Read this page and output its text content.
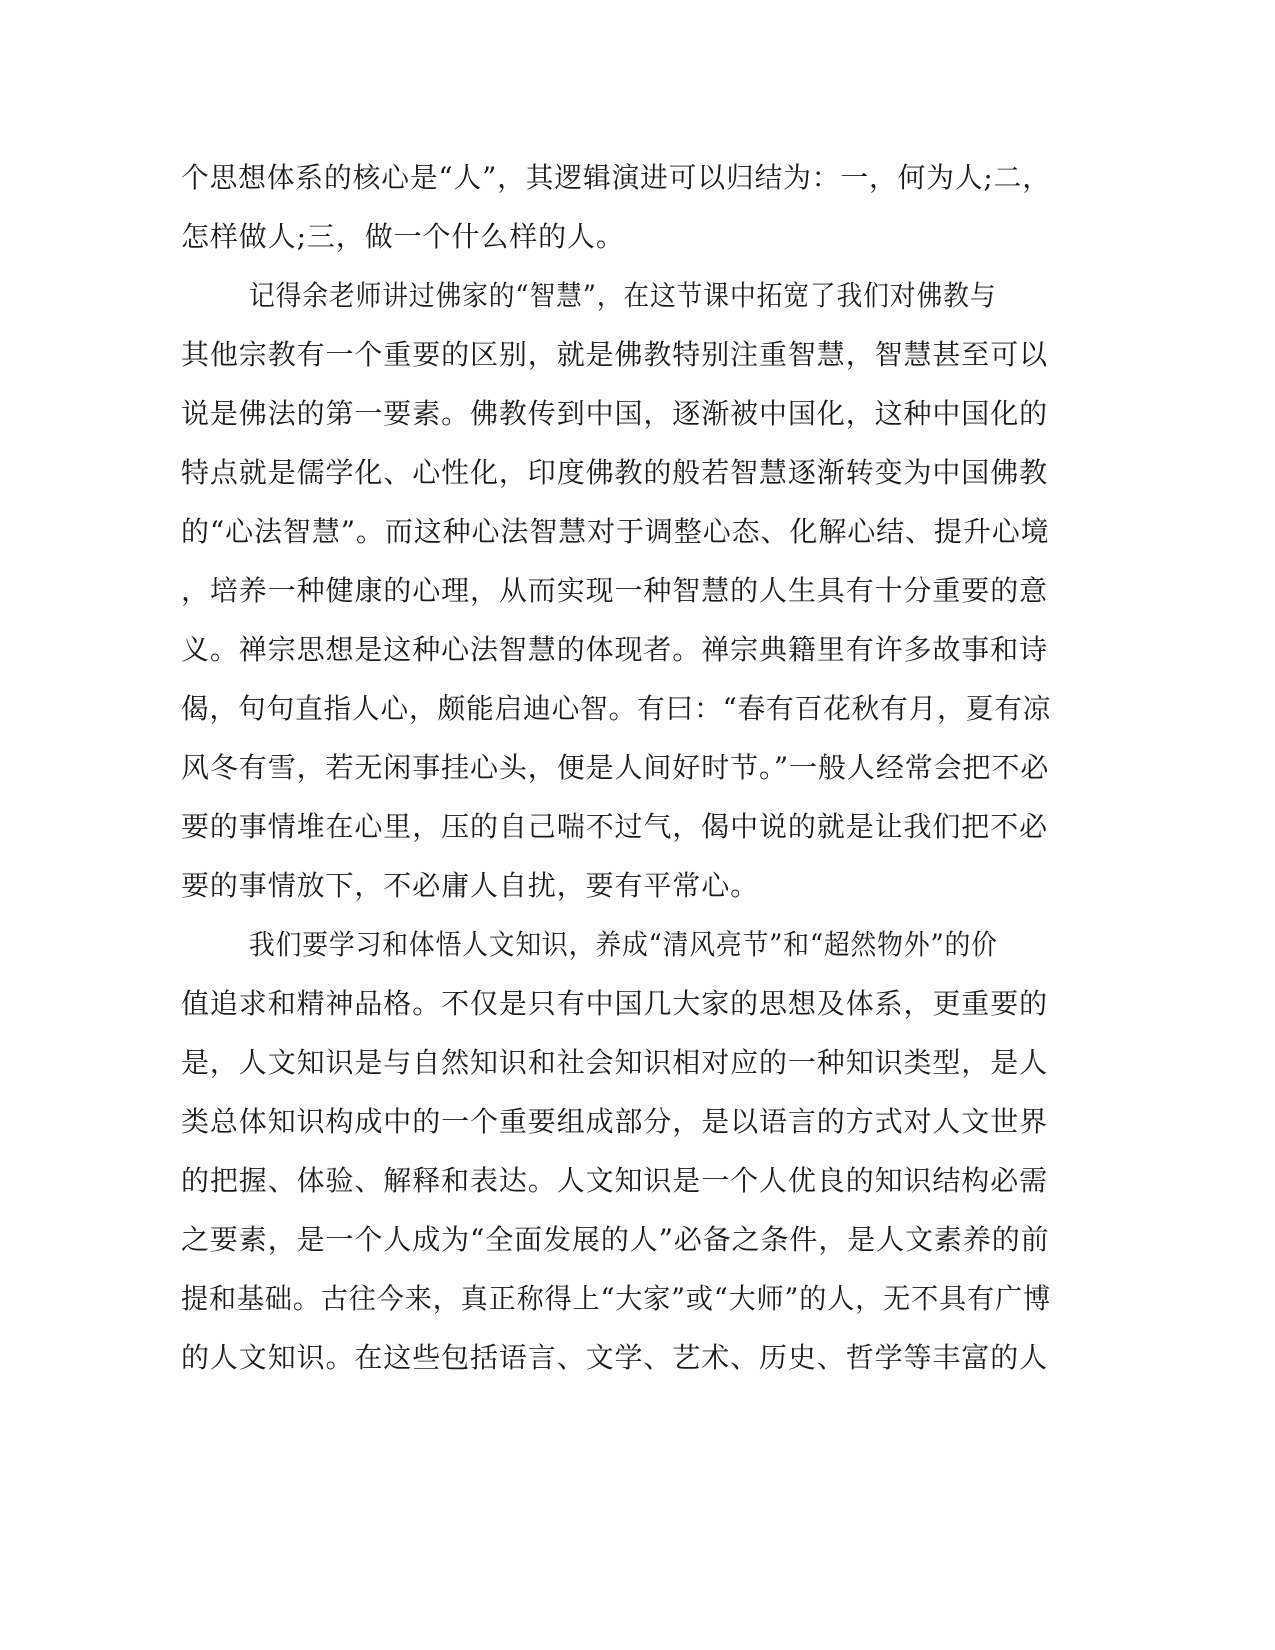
个思想体系的核心是“人”，其逻辑演进可以归结为：一，何为人;二，
怎样做人;三，做一个什么样的人。
记得余老师讲过佛家的“智慧”，在这节课中拓宽了我们对佛教与
其他宗教有一个重要的区别，就是佛教特别注重智慧，智慧甚至可以
说是佛法的第一要素。佛教传到中国，逐渐被中国化，这种中国化的
特点就是儒学化、心性化，印度佛教的般若智慧逐渐转变为中国佛教
的“心法智慧”。而这种心法智慧对于调整心态、化解心结、提升心境
，培养一种健康的心理，从而实现一种智慧的人生具有十分重要的意
义。禅宗思想是这种心法智慧的体现者。禅宗典籍里有许多故事和诗
偈，句句直指人心，颇能启迪心智。有曰：“春有百花秋有月，夏有凉
风冬有雪，若无闲事挂心头，便是人间好时节。”一般人经常会把不必
要的事情堆在心里，压的自己喘不过气，偈中说的就是让我们把不必
要的事情放下，不必庸人自扰，要有平常心。
我们要学习和体悟人文知识，养成“清风亮节”和“超然物外”的价
值追求和精神品格。不仅是只有中国几大家的思想及体系，更重要的
是，人文知识是与自然知识和社会知识相对应的一种知识类型，是人
类总体知识构成中的一个重要组成部分，是以语言的方式对人文世界
的把握、体验、解释和表达。人文知识是一个人优良的知识结构必需
之要素，是一个人成为“全面发展的人”必备之条件，是人文素养的前
提和基础。古往今来，真正称得上“大家”或“大师”的人，无不具有广博
的人文知识。在这些包括语言、文学、艺术、历史、哲学等丰富的人
